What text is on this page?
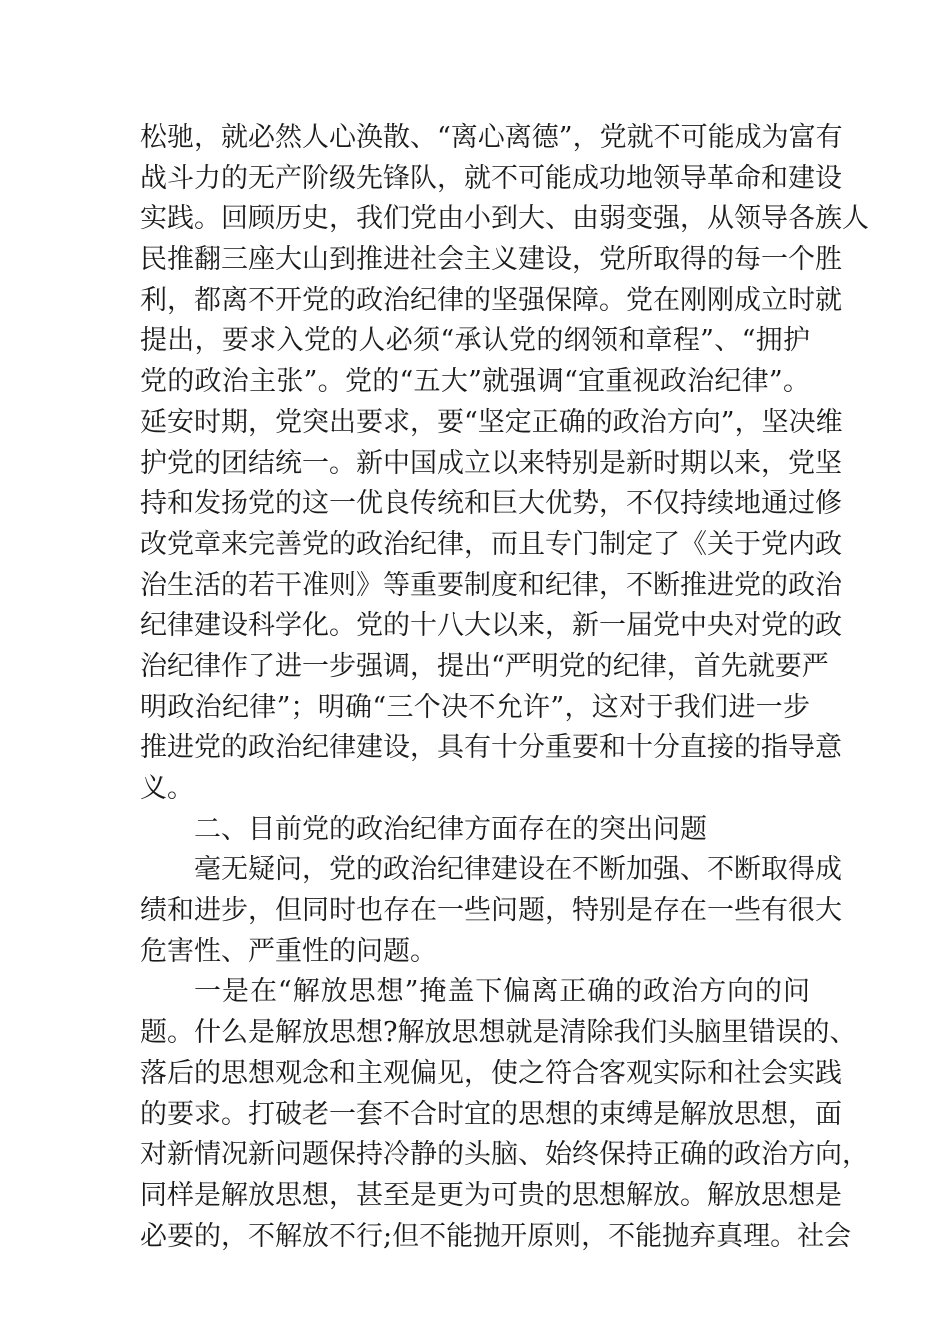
松驰，就必然人心涣散、“离心离德”，党就不可能成为富有
战斗力的无产阶级先锋队，就不可能成功地领导革命和建设
实践。回顾历史，我们党由小到大、由弱变强，从领导各族人
民推翻三座大山到推进社会主义建设，党所取得的每一个胜
利，都离不开党的政治纪律的坚强保障。党在刚刚成立时就
提出，要求入党的人必须“承认党的纲领和章程”、“拥护
党的政治主张”。党的“五大”就强调“宜重视政治纪律”。
延安时期，党突出要求，要“坚定正确的政治方向”，坚决维
护党的团结统一。新中国成立以来特别是新时期以来，党坚
持和发扬党的这一优良传统和巨大优势，不仅持续地通过修
改党章来完善党的政治纪律，而且专门制定了《关于党内政
治生活的若干准则》等重要制度和纪律，不断推进党的政治
纪律建设科学化。党的十八大以来，新一届党中央对党的政
治纪律作了进一步强调，提出“严明党的纪律，首先就要严
明政治纪律”；明确“三个决不允许”，这对于我们进一步
推进党的政治纪律建设，具有十分重要和十分直接的指导意
义。
二、目前党的政治纪律方面存在的突出问题
毫无疑问，党的政治纪律建设在不断加强、不断取得成
绩和进步，但同时也存在一些问题，特别是存在一些有很大
危害性、严重性的问题。
一是在“解放思想”掩盖下偏离正确的政治方向的问
题。什么是解放思想?解放思想就是清除我们头脑里错误的、
落后的思想观念和主观偏见，使之符合客观实际和社会实践
的要求。打破老一套不合时宜的思想的束缚是解放思想，面
对新情况新问题保持冷静的头脑、始终保持正确的政治方向，
同样是解放思想，甚至是更为可贵的思想解放。解放思想是
必要的，不解放不行;但不能抛开原则，不能抛弃真理。社会
